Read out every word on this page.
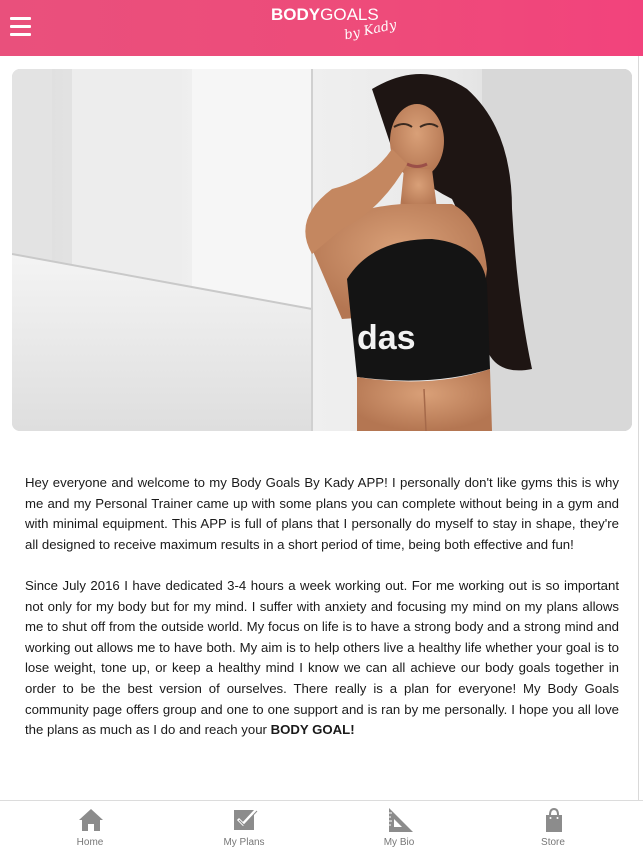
BODYGOALS
by Kady
das

Hey everyone and welcome to my Body Goals By Kady APP! I personally don't like gyms this is why me and my Personal Trainer came up with some plans you can complete without being in a gym and with minimal equipment. This APP is full of plans that I personally do myself to stay in shape, they're all designed to receive maximum results in a short period of time, being both effective and fun!

Since July 2016 I have dedicated 3-4 hours a week working out. For me working out is so important not only for my body but for my mind. I suffer with anxiety and focusing my mind on my plans allows me to shut off from the outside world. My focus on life is to have a strong body and a strong mind and working out allows me to have both. My aim is to help others live a healthy life whether your goal is to lose weight, tone up, or keep a healthy mind I know we can all achieve our body goals together in order to be the best version of ourselves. There really is a plan for everyone! My Body Goals community page offers group and one to one support and is ran by me personally. I hope you all love the plans as much as I do and reach your BODY GOAL!

Home	My Plans	My Bio	Store
